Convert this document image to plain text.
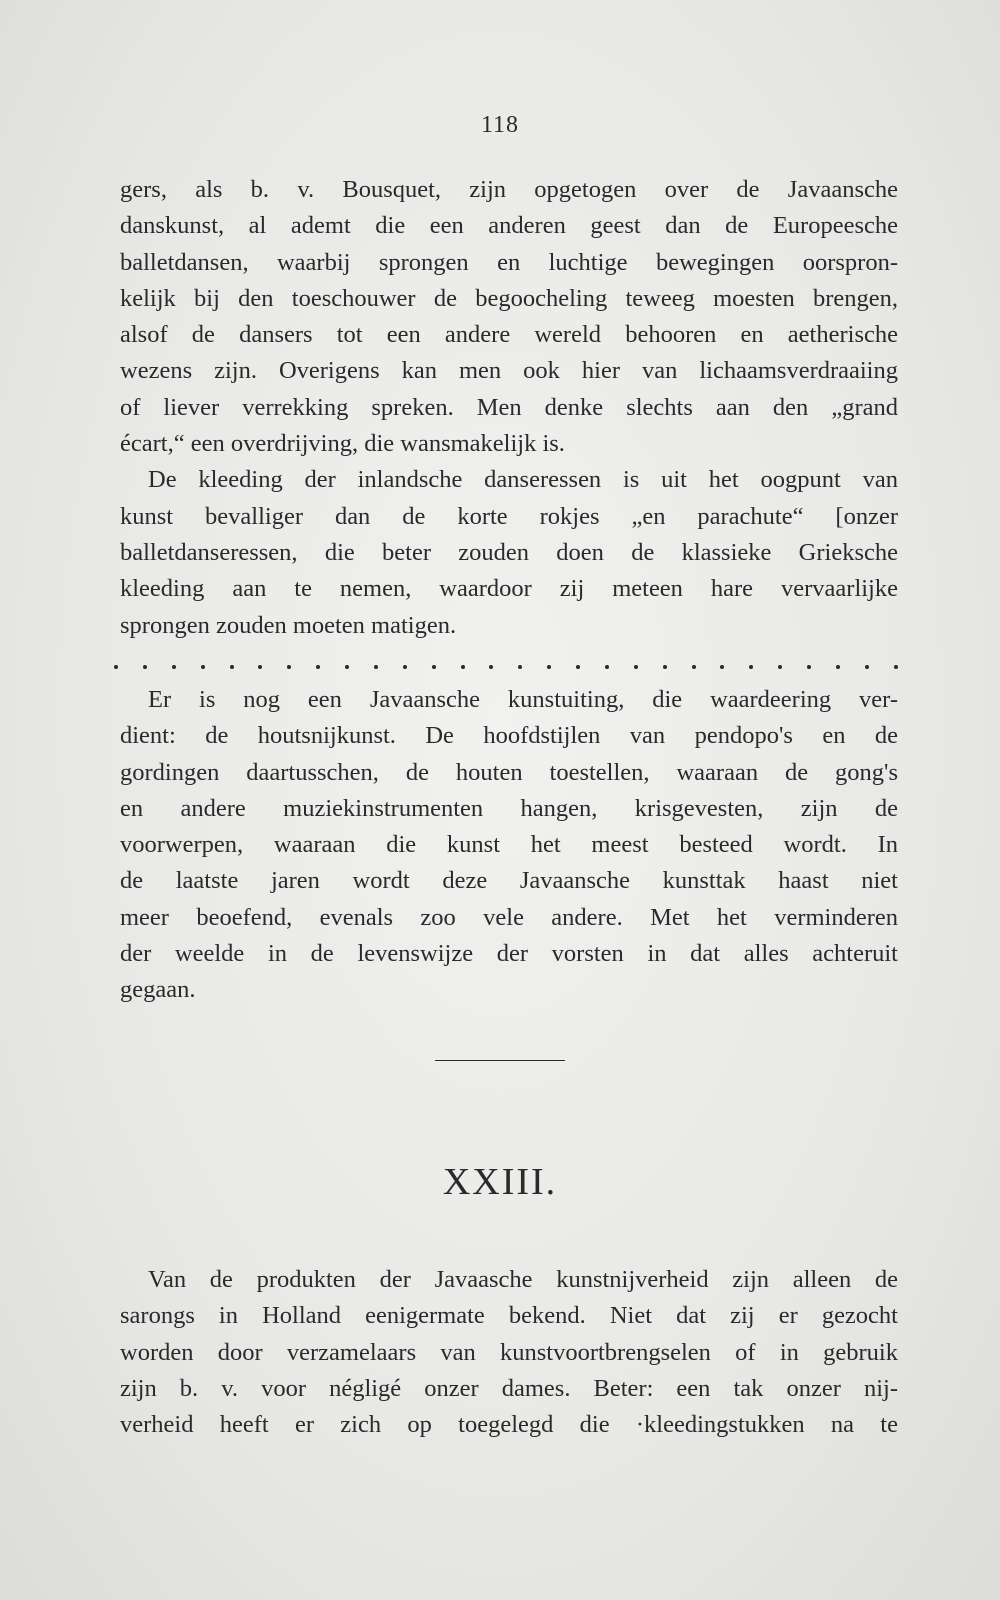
118
gers, als b. v. Bousquet, zijn opgetogen over de Javaansche
danskunst, al ademt die een anderen geest dan de Europeesche
balletdansen, waarbij sprongen en luchtige bewegingen oorspron-
kelijk bij den toeschouwer de begoocheling teweeg moesten brengen,
alsof de dansers tot een andere wereld behooren en aetherische
wezens zijn. Overigens kan men ook hier van lichaamsverdraaiing
of liever verrekking spreken. Men denke slechts aan den „grand
écart,“ een overdrijving, die wansmakelijk is.
De kleeding der inlandsche danseressen is uit het oogpunt van
kunst bevalliger dan de korte rokjes „en parachute“ [onzer
balletdanseressen, die beter zouden doen de klassieke Grieksche
kleeding aan te nemen, waardoor zij meteen hare vervaarlijke
sprongen zouden moeten matigen.
Er is nog een Javaansche kunstuiting, die waardeering ver-
dient: de houtsnijkunst. De hoofdstijlen van pendopo's en de
gordingen daartusschen, de houten toestellen, waaraan de gong's
en andere muziekinstrumenten hangen, krisgevesten, zijn de
voorwerpen, waaraan die kunst het meest besteed wordt. In
de laatste jaren wordt deze Javaansche kunsttak haast niet
meer beoefend, evenals zoo vele andere. Met het verminderen
der weelde in de levenswijze der vorsten in dat alles achteruit
gegaan.
XXIII.
Van de produkten der Javaasche kunstnijverheid zijn alleen de
sarongs in Holland eenigermate bekend. Niet dat zij er gezocht
worden door verzamelaars van kunstvoortbrengselen of in gebruik
zijn b. v. voor négligé onzer dames. Beter: een tak onzer nij-
verheid heeft er zich op toegelegd die ·kleedingstukken na te
